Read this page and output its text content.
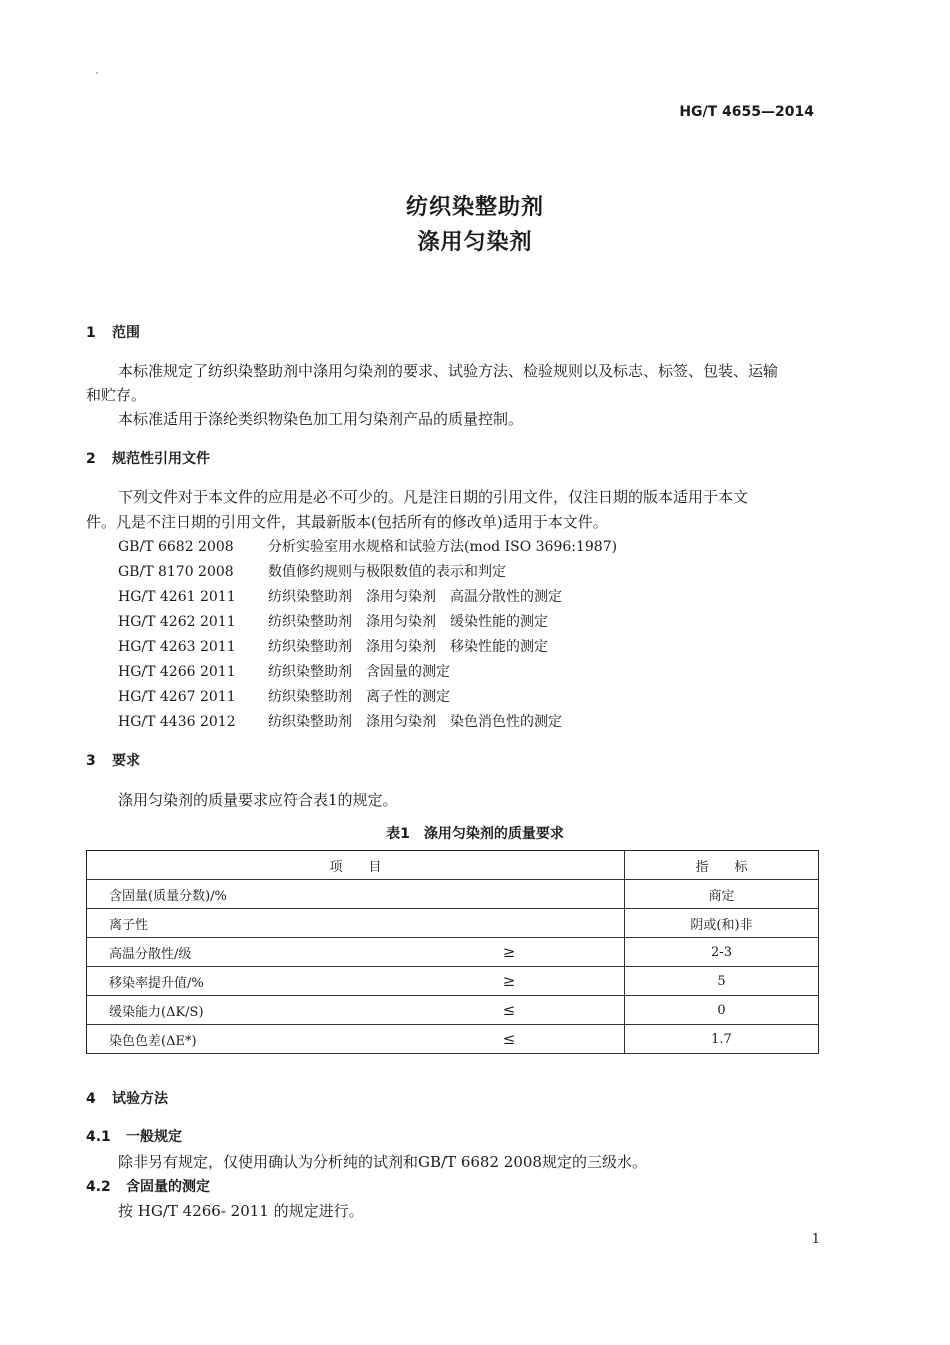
HG/T 4655—2014
纺织染整助剂
涤用匀染剂
1 范围
本标准规定了纺织染整助剂中涤用匀染剂的要求、试验方法、检验规则以及标志、标签、包装、运输
和贮存。
本标准适用于涤纶类织物染色加工用匀染剂产品的质量控制。
2 规范性引用文件
下列文件对于本文件的应用是必不可少的。凡是注日期的引用文件，仅注日期的版本适用于本文
件。凡是不注日期的引用文件，其最新版本(包括所有的修改单)适用于本文件。
GB/T 6682 2008 分析实验室用水规格和试验方法(mod ISO 3696:1987)
GB/T 8170 2008 数值修约规则与极限数值的表示和判定
HG/T 4261 2011 纺织染整助剂 涤用匀染剂 高温分散性的测定
HG/T 4262 2011 纺织染整助剂 涤用匀染剂 缓染性能的测定
HG/T 4263 2011 纺织染整助剂 涤用匀染剂 移染性能的测定
HG/T 4266 2011 纺织染整助剂 含固量的测定
HG/T 4267 2011 纺织染整助剂 离子性的测定
HG/T 4436 2012 纺织染整助剂 涤用匀染剂 染色消色性的测定
3 要求
涤用匀染剂的质量要求应符合表1的规定。
表1　涤用匀染剂的质量要求
项　　目		指　　标
含固量(质量分数)/%		商定
离子性		阴或(和)非
高温分散性/级	≥	2-3
移染率提升值/%	≥	5
缓染能力(ΔK/S)	≤	0
染色色差(ΔE*)	≤	1.7
4 试验方法
4.1 一般规定
除非另有规定，仅使用确认为分析纯的试剂和GB/T 6682 2008规定的三级水。
4.2 含固量的测定
按 HG/T 4266- 2011 的规定进行。
1
